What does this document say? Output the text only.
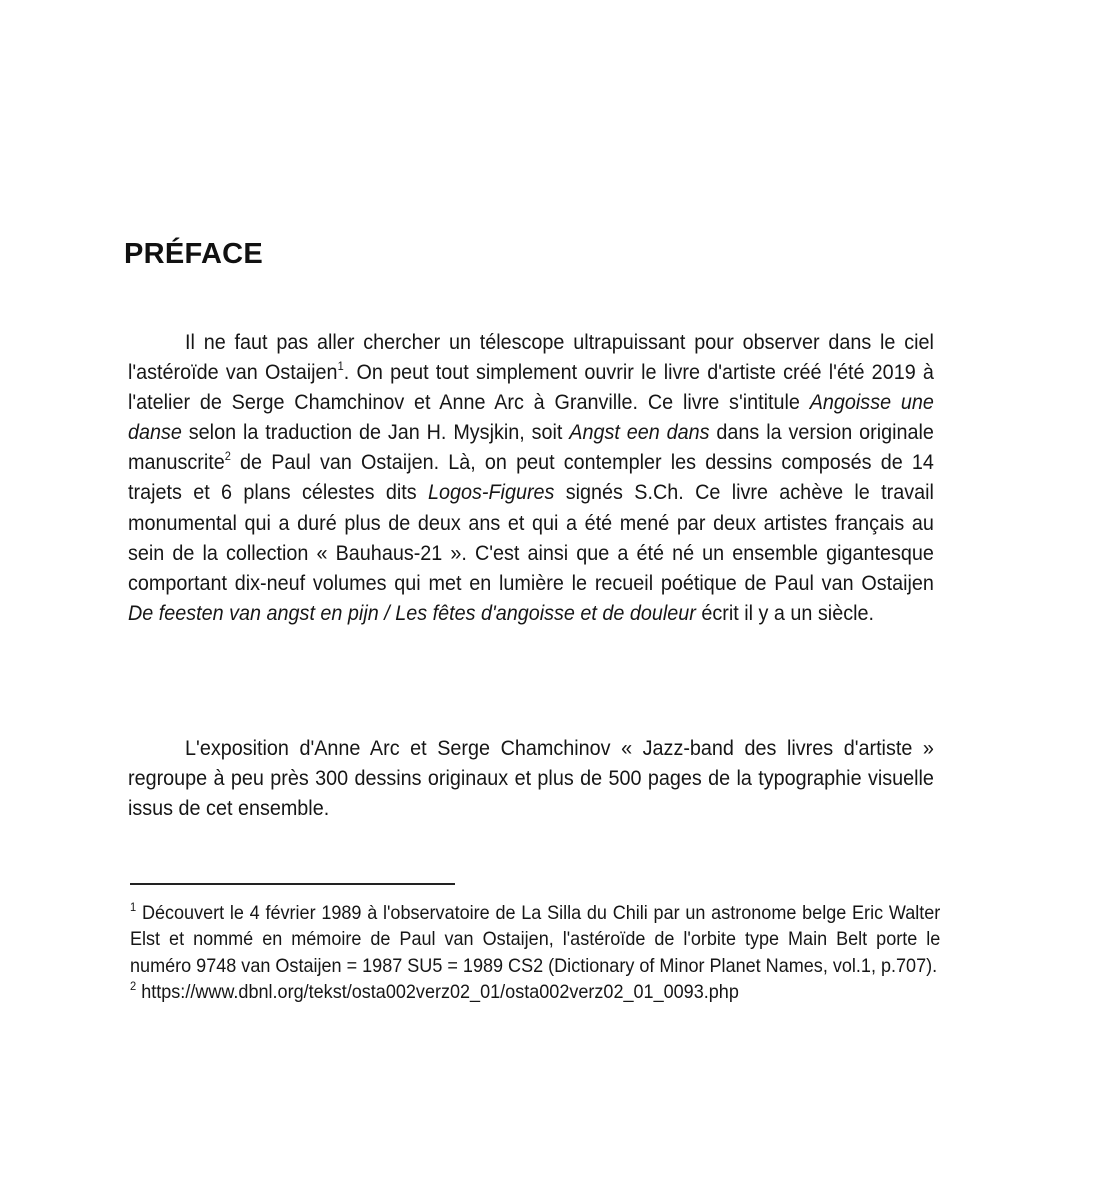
PRÉFACE

Il ne faut pas aller chercher un télescope ultrapuissant pour observer dans le ciel l'astéroïde van Ostaijen$^1$. On peut tout simplement ouvrir le livre d'artiste créé l'été 2019 à l'atelier de Serge Chamchinov et Anne Arc à Granville. Ce livre s'intitule Angoisse une danse selon la traduction de Jan H. Mysjkin, soit Angst een dans dans la version originale manuscrite$^2$ de Paul van Ostaijen. Là, on peut contempler les dessins composés de 14 trajets et 6 plans célestes dits Logos-Figures signés S.Ch. Ce livre achève le travail monumental qui a duré plus de deux ans et qui a été mené par deux artistes français au sein de la collection « Bauhaus-21 ». C'est ainsi que a été né un ensemble gigantesque comportant dix-neuf volumes qui met en lumière le recueil poétique de Paul van Ostaijen De feesten van angst en pijn / Les fêtes d'angoisse et de douleur écrit il y a un siècle.

L'exposition d'Anne Arc et Serge Chamchinov « Jazz-band des livres d'artiste » regroupe à peu près 300 dessins originaux et plus de 500 pages de la typographie visuelle issus de cet ensemble.

$^1$ Découvert le 4 février 1989 à l'observatoire de La Silla du Chili par un astronome belge Eric Walter Elst et nommé en mémoire de Paul van Ostaijen, l'astéroïde de l'orbite type Main Belt porte le numéro 9748 van Ostaijen = 1987 SU5 = 1989 CS2 (Dictionary of Minor Planet Names, vol.1, p.707).

$^2$ https://www.dbnl.org/tekst/osta002verz02_01/osta002verz02_01_0093.php
